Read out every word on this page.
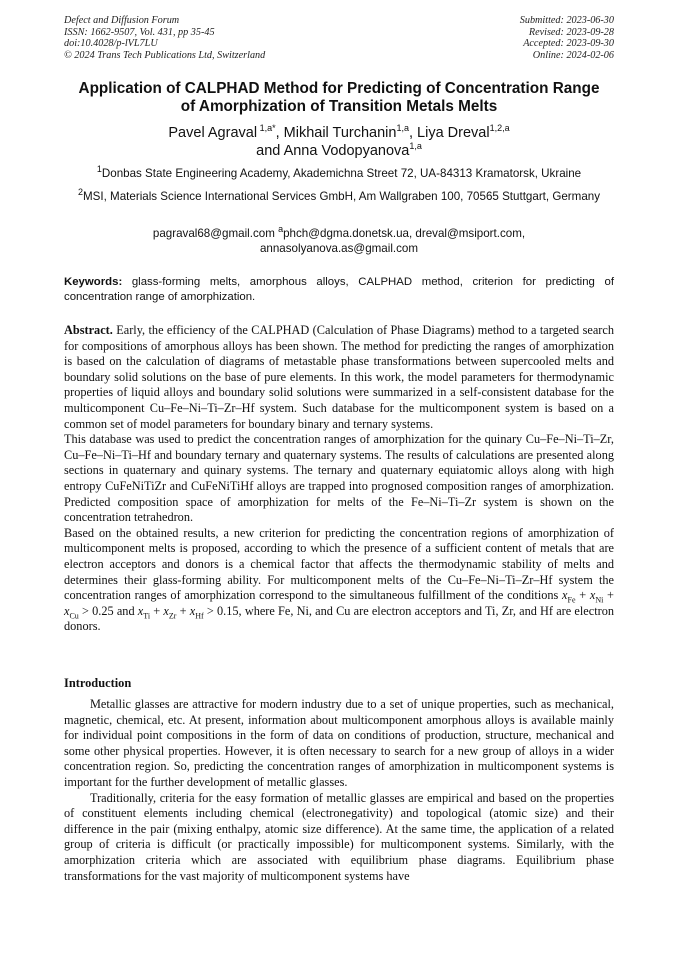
Defect and Diffusion Forum
ISSN: 1662-9507, Vol. 431, pp 35-45
doi:10.4028/p-lVL7LU
© 2024 Trans Tech Publications Ltd, Switzerland
Submitted: 2023-06-30
Revised: 2023-09-28
Accepted: 2023-09-30
Online: 2024-02-06
Application of CALPHAD Method for Predicting of Concentration Range
of Amorphization of Transition Metals Melts
Pavel Agraval $^{1,a*}$, Mikhail Turchanin$^{1,a}$, Liya Dreval$^{1,2,a}$
and Anna Vodopyanova$^{1,a}$
$^1$Donbas State Engineering Academy, Akademichna Street 72, UA-84313 Kramatorsk, Ukraine
$^2$MSI, Materials Science International Services GmbH, Am Wallgraben 100, 70565 Stuttgart, Germany
pagraval68@gmail.com $^a$phch@dgma.donetsk.ua, dreval@msiport.com,
annasolyanova.as@gmail.com
Keywords: glass-forming melts, amorphous alloys, CALPHAD method, criterion for predicting of concentration range of amorphization.

Abstract. Early, the efficiency of the CALPHAD (Calculation of Phase Diagrams) method to a targeted search for compositions of amorphous alloys has been shown. The method for predicting the ranges of amorphization is based on the calculation of diagrams of metastable phase transformations between supercooled melts and boundary solid solutions on the base of pure elements. In this work, the model parameters for thermodynamic properties of liquid alloys and boundary solid solutions were summarized in a self-consistent database for the multicomponent Cu–Fe–Ni–Ti–Zr–Hf system. Such database for the multicomponent system is based on a common set of model parameters for boundary binary and ternary systems.

This database was used to predict the concentration ranges of amorphization for the quinary Cu–Fe–Ni–Ti–Zr, Cu–Fe–Ni–Ti–Hf and boundary ternary and quaternary systems. The results of calculations are presented along sections in quaternary and quinary systems. The ternary and quaternary equiatomic alloys along with high entropy CuFeNiTiZr and CuFeNiTiHf alloys are trapped into prognosed composition ranges of amorphization. Predicted composition space of amorphization for melts of the Fe–Ni–Ti–Zr system is shown on the concentration tetrahedron.

Based on the obtained results, a new criterion for predicting the concentration regions of amorphization of multicomponent melts is proposed, according to which the presence of a sufficient content of metals that are electron acceptors and donors is a chemical factor that affects the thermodynamic stability of melts and determines their glass-forming ability. For multicomponent melts of the Cu–Fe–Ni–Ti–Zr–Hf system the concentration ranges of amorphization correspond to the simultaneous fulfillment of the conditions $x_{Fe} + x_{Ni} + x_{Cu} > 0.25$ and $x_{Ti} + x_{Zr} + x_{Hf} > 0.15$, where Fe, Ni, and Cu are electron acceptors and Ti, Zr, and Hf are electron donors.

Introduction

Metallic glasses are attractive for modern industry due to a set of unique properties, such as mechanical, magnetic, chemical, etc. At present, information about multicomponent amorphous alloys is available mainly for individual point compositions in the form of data on conditions of production, structure, mechanical and some other physical properties. However, it is often necessary to search for a new group of alloys in a wider concentration region. So, predicting the concentration ranges of amorphization in multicomponent systems is important for the further development of metallic glasses.

Traditionally, criteria for the easy formation of metallic glasses are empirical and based on the properties of constituent elements including chemical (electronegativity) and topological (atomic size) and their difference in the pair (mixing enthalpy, atomic size difference). At the same time, the application of a related group of criteria is difficult (or practically impossible) for multicomponent systems. Similarly, with the amorphization criteria which are associated with equilibrium phase diagrams. Equilibrium phase transformations for the vast majority of multicomponent systems have
